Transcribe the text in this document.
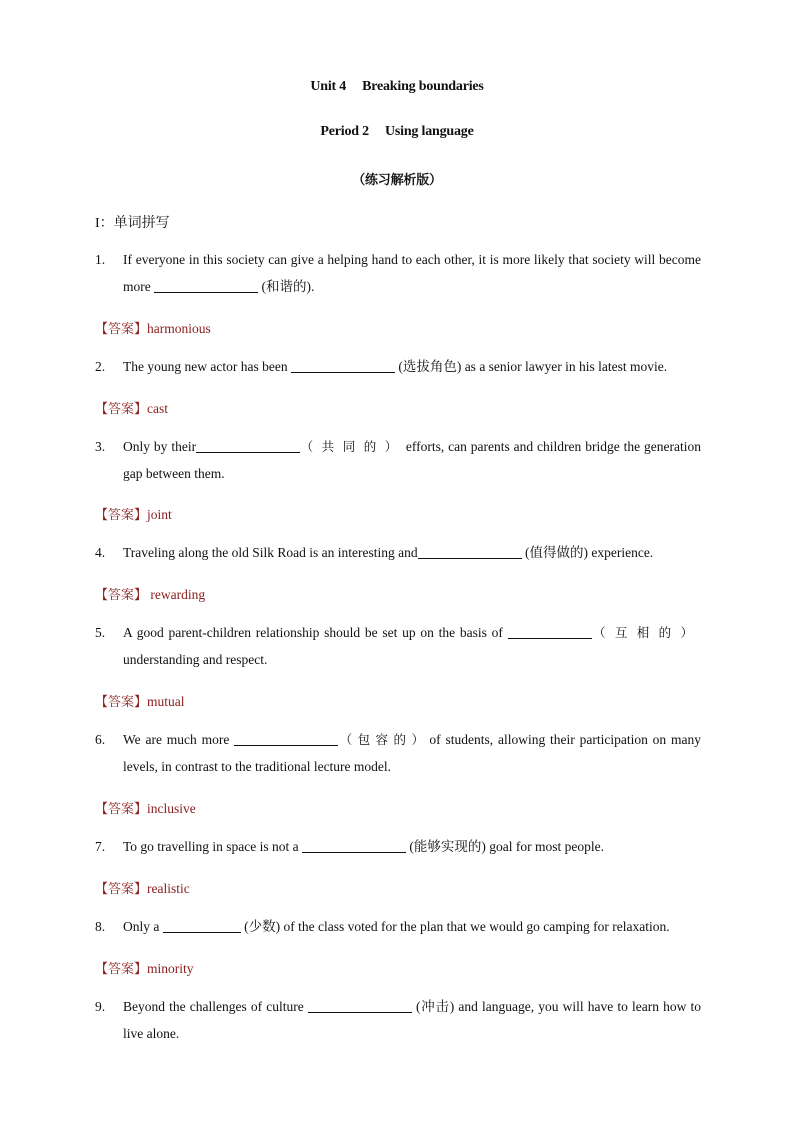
Unit 4 Breaking boundaries
Period 2 Using language
（练习解析版）
I：单词拼写
1.	If everyone in this society can give a helping hand to each other, it is more likely that society will become more	(和谐的).
【答案】harmonious
2.	The young new actor has been	(选拔角色) as a senior lawyer in his latest movie.
【答案】cast
3.	Only by their	（共同的）efforts, can parents and children bridge the generation gap between them.
【答案】joint
4.	Traveling along the old Silk Road is an interesting and	(值得做的) experience.
【答案】 rewarding
5.	A good parent-children relationship should be set up on the basis of	（互相的） understanding and respect.
【答案】mutual
6.	We are much more	（包容的）of students, allowing their participation on many levels, in contrast to the traditional lecture model.
【答案】inclusive
7.	To go travelling in space is not a	(能够实现的) goal for most people.
【答案】realistic
8.	Only a	(少数) of the class voted for the plan that we would go camping for relaxation.
【答案】minority
9.	Beyond the challenges of culture	(冲击) and language, you will have to learn how to live alone.
